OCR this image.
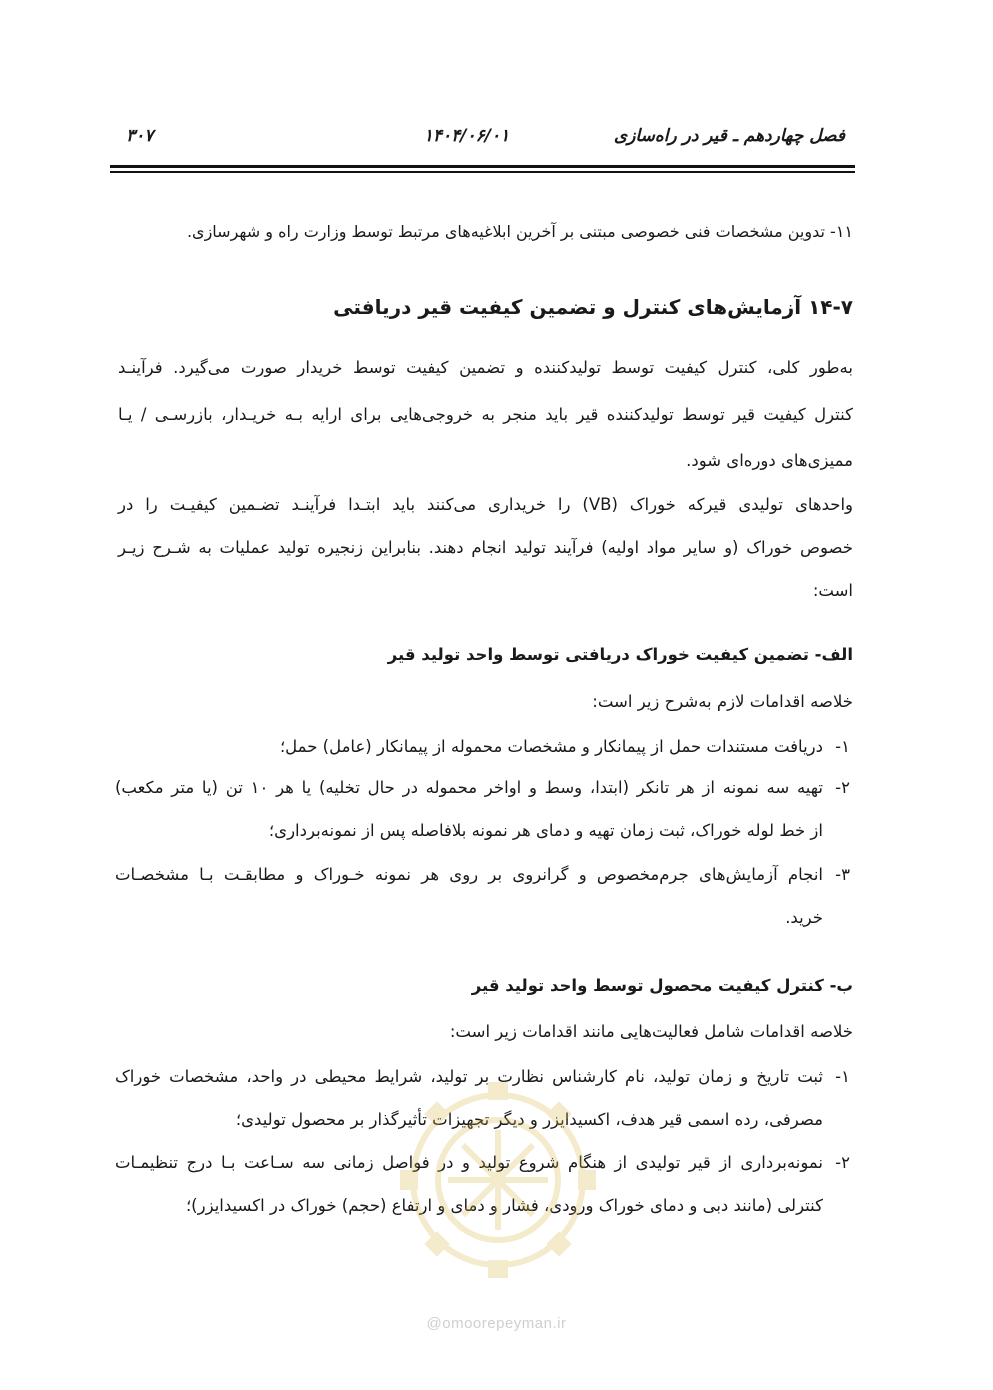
۳۰۷	۱۴۰۴/۰۶/۰۱	فصل چهاردهم ـ قیر در راه‌سازی
۱۱- تدوین مشخصات فنی خصوصی مبتنی بر آخرین ابلاغیه‌های مرتبط توسط وزارت راه و شهرسازی.
۱۴-۷ آزمایش‌های کنترل و تضمین کیفیت قیر دریافتی
به‌طور کلی، کنترل کیفیت توسط تولیدکننده و تضمین کیفیت توسط خریدار صورت می‌گیرد. فرآینـد
کنترل کیفیت قیر توسط تولیدکننده قیر باید منجر به خروجی‌هایی برای ارایه بـه خریـدار، بازرسـی / یـا
ممیزی‌های دوره‌ای شود.
واحدهای تولیدی قیرکه خوراک (VB) را خریداری می‌کنند باید ابتـدا فرآینـد تضـمین کیفیـت را در
خصوص خوراک (و سایر مواد اولیه) فرآیند تولید انجام دهند. بنابراین زنجیره تولید عملیات به شـرح زیـر
است:
الف- تضمین کیفیت خوراک دریافتی توسط واحد تولید قیر
خلاصه اقدامات لازم به‌شرح زیر است:
۱-
دریافت مستندات حمل از پیمانکار و مشخصات محموله از پیمانکار (عامل) حمل؛
۲-
تهیه سه نمونه از هر تانکر (ابتدا، وسط و اواخر محموله در حال تخلیه) یا هر ۱۰ تن (یا متر مکعب)
از خط لوله خوراک، ثبت زمان تهیه و دمای هر نمونه بلافاصله پس از نمونه‌برداری؛
۳-
انجام آزمایش‌های جرم‌مخصوص و گرانروی بر روی هر نمونه خـوراک و مطابقـت بـا مشخصـات
خرید.
ب- کنترل کیفیت محصول توسط واحد تولید قیر
خلاصه اقدامات شامل فعالیت‌هایی مانند اقدامات زیر است:
۱-
ثبت تاریخ و زمان تولید، نام کارشناس نظارت بر تولید، شرایط محیطی در واحد، مشخصات خوراک
مصرفی، رده اسمی قیر هدف، اکسیدایزر و دیگر تجهیزات تأثیرگذار بر محصول تولیدی؛
۲-
نمونه‌برداری از قیر تولیدی از هنگام شروع تولید و در فواصل زمانی سه سـاعت بـا درج تنظیمـات
کنترلی (مانند دبی و دمای خوراک ورودی، فشار و دمای و ارتفاع (حجم) خوراک در اکسیدایزر)؛
@omoorepeyman.ir
